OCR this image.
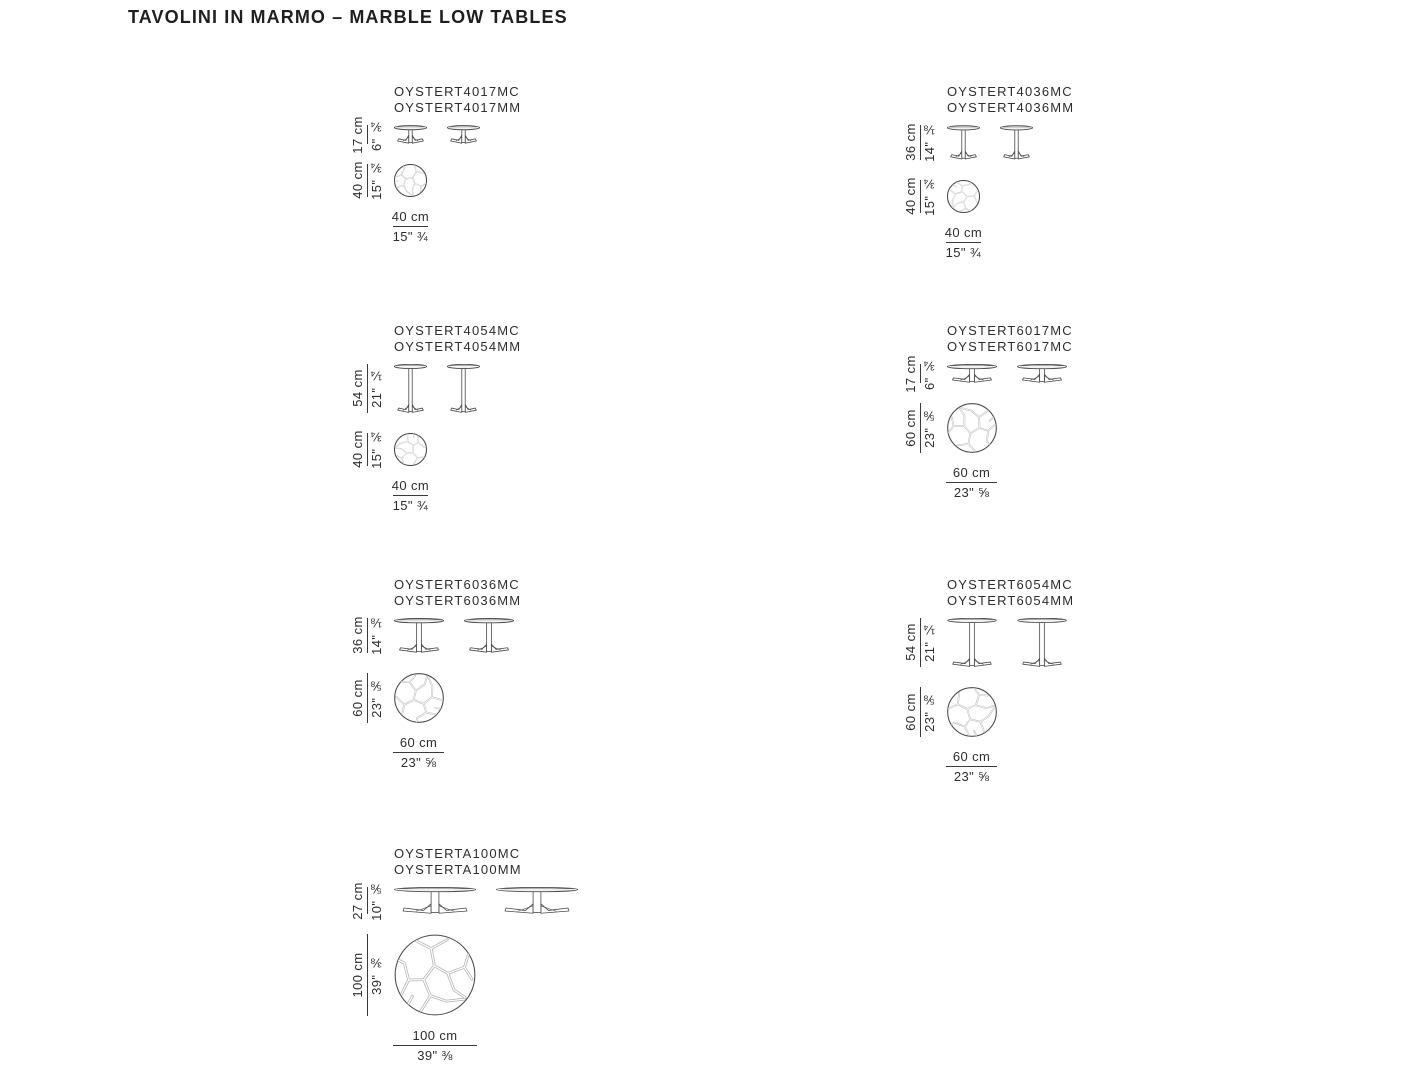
TAVOLINI IN MARMO – MARBLE LOW TABLES
OYSTERT4017MC
OYSTERT4017MM
17 cm 6" ¾
40 cm 15" ¾
40 cm
15" ¾
OYSTERT4036MC
OYSTERT4036MM
36 cm 14" ⅛
40 cm 15" ¾
40 cm
15" ¾
OYSTERT4054MC
OYSTERT4054MM
54 cm 21" ¼
40 cm 15" ¾
40 cm
15" ¾
OYSTERT6017MC
OYSTERT6017MC
17 cm 6" ¾
60 cm 23" ⅝
60 cm
23" ⅝
OYSTERT6036MC
OYSTERT6036MM
36 cm 14" ⅛
60 cm 23" ⅝
60 cm
23" ⅝
OYSTERT6054MC
OYSTERT6054MM
54 cm 21" ¼
60 cm 23" ⅝
60 cm
23" ⅝
OYSTERTA100MC
OYSTERTA100MM
27 cm 10" ⅝
100 cm 39" ⅜
100 cm
39" ⅜
